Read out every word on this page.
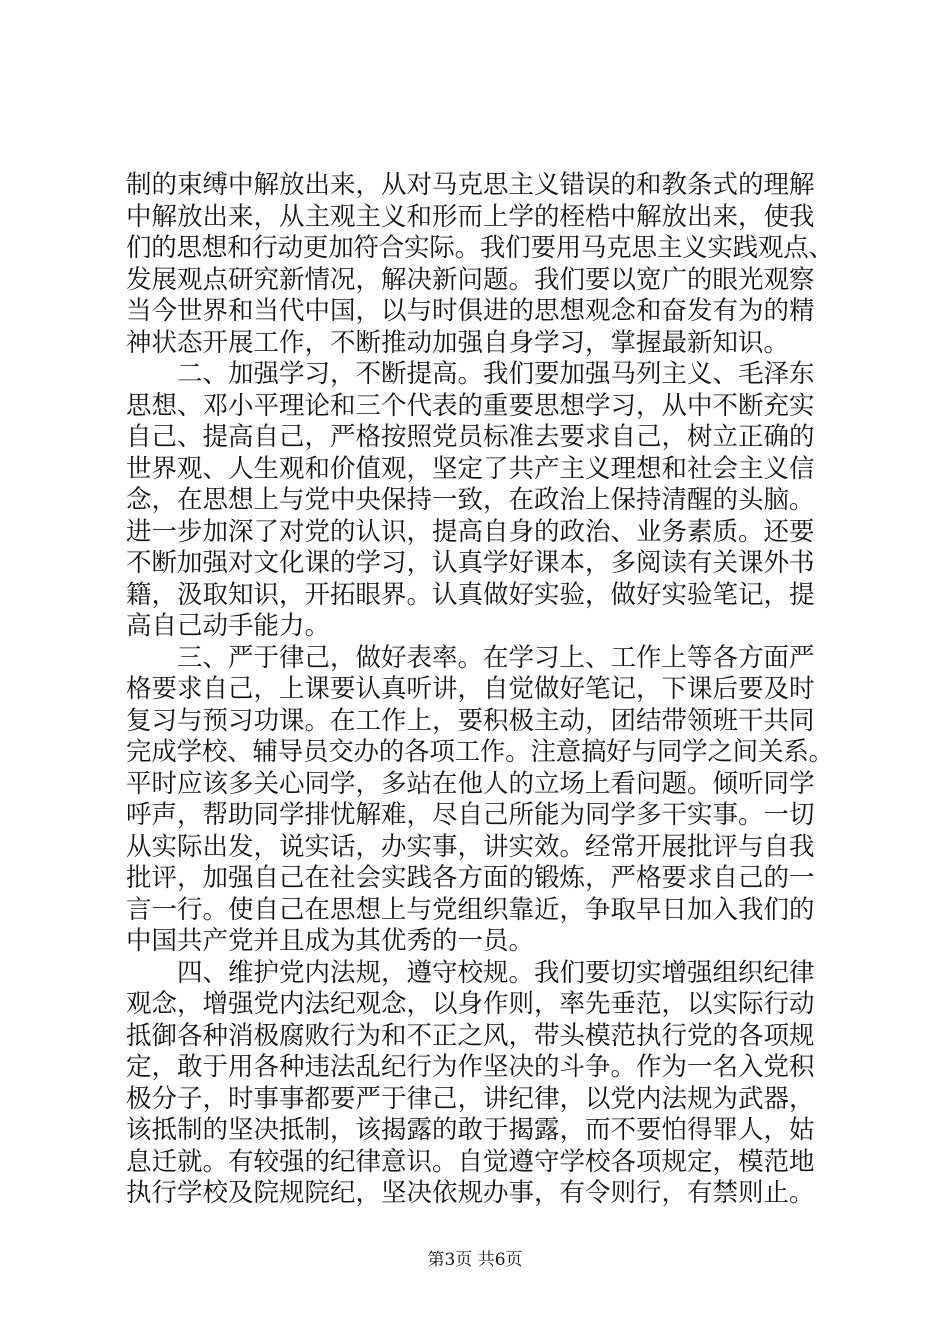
制的束缚中解放出来，从对马克思主义错误的和教条式的理解
中解放出来，从主观主义和形而上学的桎梏中解放出来，使我
们的思想和行动更加符合实际。我们要用马克思主义实践观点、
发展观点研究新情况，解决新问题。我们要以宽广的眼光观察
当今世界和当代中国，以与时俱进的思想观念和奋发有为的精
神状态开展工作，不断推动加强自身学习，掌握最新知识。
　　二、加强学习，不断提高。我们要加强马列主义、毛泽东
思想、邓小平理论和三个代表的重要思想学习，从中不断充实
自己、提高自己，严格按照党员标准去要求自己，树立正确的
世界观、人生观和价值观，坚定了共产主义理想和社会主义信
念，在思想上与党中央保持一致，在政治上保持清醒的头脑。
进一步加深了对党的认识，提高自身的政治、业务素质。还要
不断加强对文化课的学习，认真学好课本，多阅读有关课外书
籍，汲取知识，开拓眼界。认真做好实验，做好实验笔记，提
高自己动手能力。
　　三、严于律己，做好表率。在学习上、工作上等各方面严
格要求自己，上课要认真听讲，自觉做好笔记，下课后要及时
复习与预习功课。在工作上，要积极主动，团结带领班干共同
完成学校、辅导员交办的各项工作。注意搞好与同学之间关系。
平时应该多关心同学，多站在他人的立场上看问题。倾听同学
呼声，帮助同学排忧解难，尽自己所能为同学多干实事。一切
从实际出发，说实话，办实事，讲实效。经常开展批评与自我
批评，加强自己在社会实践各方面的锻炼，严格要求自己的一
言一行。使自己在思想上与党组织靠近，争取早日加入我们的
中国共产党并且成为其优秀的一员。
　　四、维护党内法规，遵守校规。我们要切实增强组织纪律
观念，增强党内法纪观念，以身作则，率先垂范，以实际行动
抵御各种消极腐败行为和不正之风，带头模范执行党的各项规
定，敢于用各种违法乱纪行为作坚决的斗争。作为一名入党积
极分子，时事事都要严于律己，讲纪律，以党内法规为武器，
该抵制的坚决抵制，该揭露的敢于揭露，而不要怕得罪人，姑
息迁就。有较强的纪律意识。自觉遵守学校各项规定，模范地
执行学校及院规院纪，坚决依规办事，有令则行，有禁则止。
第3页 共6页
